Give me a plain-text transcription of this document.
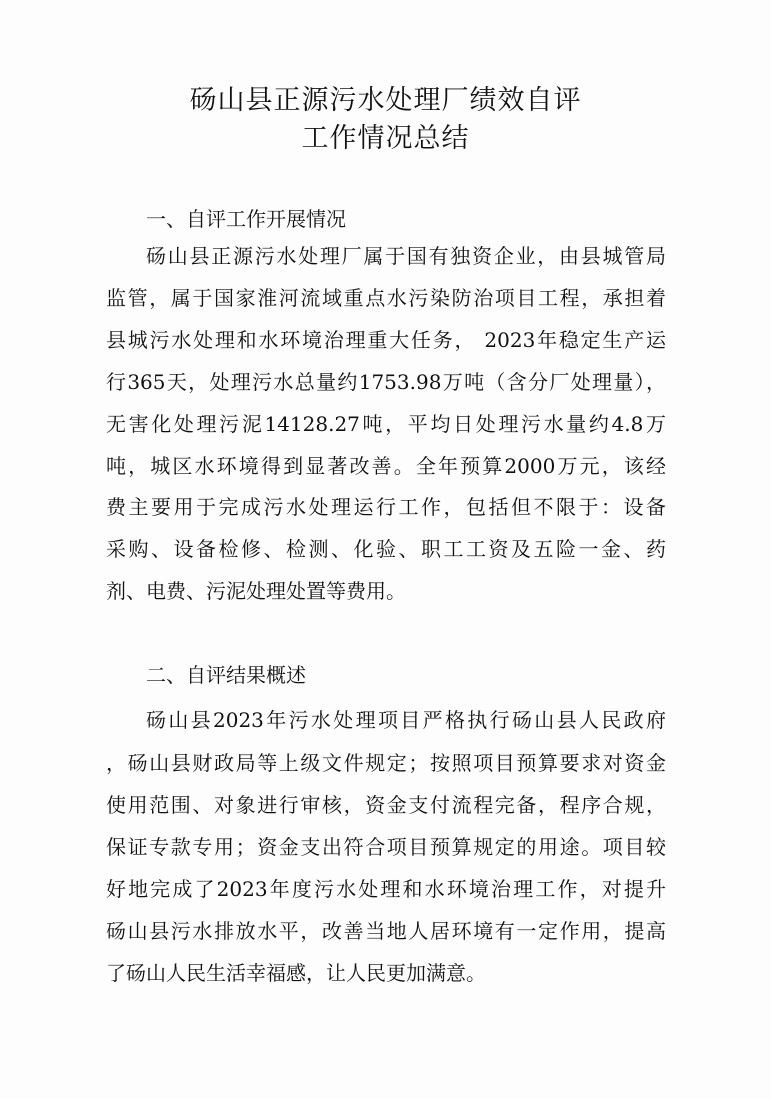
砀山县正源污水处理厂绩效自评
工作情况总结
一、自评工作开展情况
砀山县正源污水处理厂属于国有独资企业，由县城管局
监管，属于国家淮河流域重点水污染防治项目工程，承担着
县城污水处理和水环境治理重大任务， 2023年稳定生产运
行365天，处理污水总量约1753.98万吨（含分厂处理量），
无害化处理污泥14128.27吨，平均日处理污水量约4.8万
吨，城区水环境得到显著改善。全年预算2000万元，该经
费主要用于完成污水处理运行工作，包括但不限于：设备
采购、设备检修、检测、化验、职工工资及五险一金、药
剂、电费、污泥处理处置等费用。
二、自评结果概述
砀山县2023年污水处理项目严格执行砀山县人民政府
，砀山县财政局等上级文件规定；按照项目预算要求对资金
使用范围、对象进行审核，资金支付流程完备，程序合规，
保证专款专用；资金支出符合项目预算规定的用途。项目较
好地完成了2023年度污水处理和水环境治理工作，对提升
砀山县污水排放水平，改善当地人居环境有一定作用，提高
了砀山人民生活幸福感，让人民更加满意。
